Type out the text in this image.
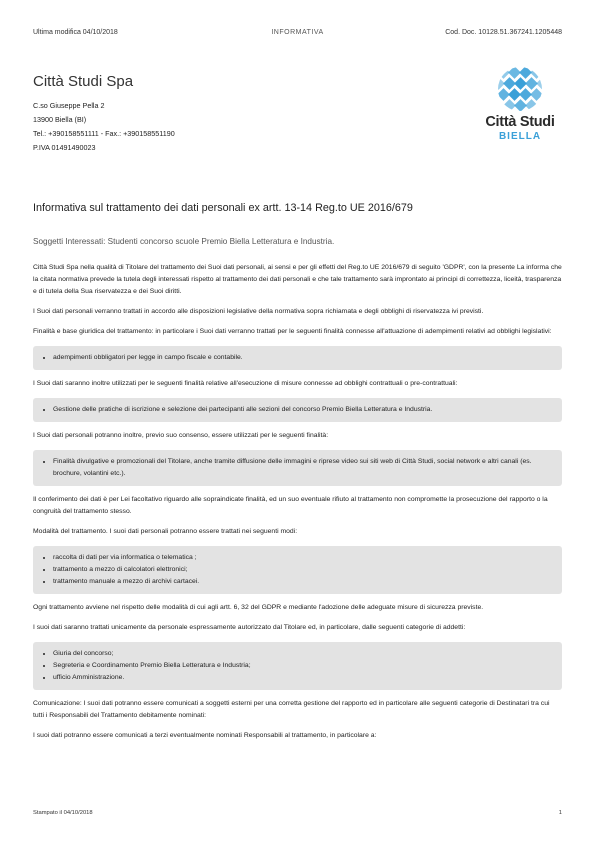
Ultima modifica 04/10/2018	INFORMATIVA	Cod. Doc. 10128.51.367241.1205448
Città Studi Spa
C.so Giuseppe Pella 2
13900 Biella (BI)
Tel.: +390158551111 - Fax.: +390158551190
P.IVA 01491490023
Città Studi
BIELLA
Informativa sul trattamento dei dati personali ex artt. 13-14 Reg.to UE 2016/679
Soggetti Interessati: Studenti concorso scuole Premio Biella Letteratura e Industria.

Città Studi Spa nella qualità di Titolare del trattamento dei Suoi dati personali, ai sensi e per gli effetti del Reg.to UE 2016/679 di seguito 'GDPR', con la presente La informa che la citata normativa prevede la tutela degli interessati rispetto al trattamento dei dati personali e che tale trattamento sarà improntato ai principi di correttezza, liceità, trasparenza e di tutela della Sua riservatezza e dei Suoi diritti.

I Suoi dati personali verranno trattati in accordo alle disposizioni legislative della normativa sopra richiamata e degli obblighi di riservatezza ivi previsti.

Finalità e base giuridica del trattamento: in particolare i Suoi dati verranno trattati per le seguenti finalità connesse all'attuazione di adempimenti relativi ad obblighi legislativi:

• adempimenti obbligatori per legge in campo fiscale e contabile.

I Suoi dati saranno inoltre utilizzati per le seguenti finalità relative all'esecuzione di misure connesse ad obblighi contrattuali o pre-contrattuali:

• Gestione delle pratiche di iscrizione e selezione dei partecipanti alle sezioni del concorso Premio Biella Letteratura e Industria.

I Suoi dati personali potranno inoltre, previo suo consenso, essere utilizzati per le seguenti finalità:

• Finalità divulgative e promozionali del Titolare, anche tramite diffusione delle immagini e riprese video sui siti web di Città Studi, social network e altri canali (es. brochure, volantini etc.).

Il conferimento dei dati è per Lei facoltativo riguardo alle sopraindicate finalità, ed un suo eventuale rifiuto al trattamento non compromette la prosecuzione del rapporto o la congruità del trattamento stesso.

Modalità del trattamento. I suoi dati personali potranno essere trattati nei seguenti modi:

• raccolta di dati per via informatica o telematica ;
• trattamento a mezzo di calcolatori elettronici;
• trattamento manuale a mezzo di archivi cartacei.

Ogni trattamento avviene nel rispetto delle modalità di cui agli artt. 6, 32 del GDPR e mediante l'adozione delle adeguate misure di sicurezza previste.

I suoi dati saranno trattati unicamente da personale espressamente autorizzato dal Titolare ed, in particolare, dalle seguenti categorie di addetti:

• Giuria del concorso;
• Segreteria e Coordinamento Premio Biella Letteratura e Industria;
• ufficio Amministrazione.

Comunicazione: I suoi dati potranno essere comunicati a soggetti esterni per una corretta gestione del rapporto ed in particolare alle seguenti categorie di Destinatari tra cui tutti i Responsabili del Trattamento debitamente nominati:

I suoi dati potranno essere comunicati a terzi eventualmente nominati Responsabili al trattamento, in particolare a:

Stampato il 04/10/2018	1
